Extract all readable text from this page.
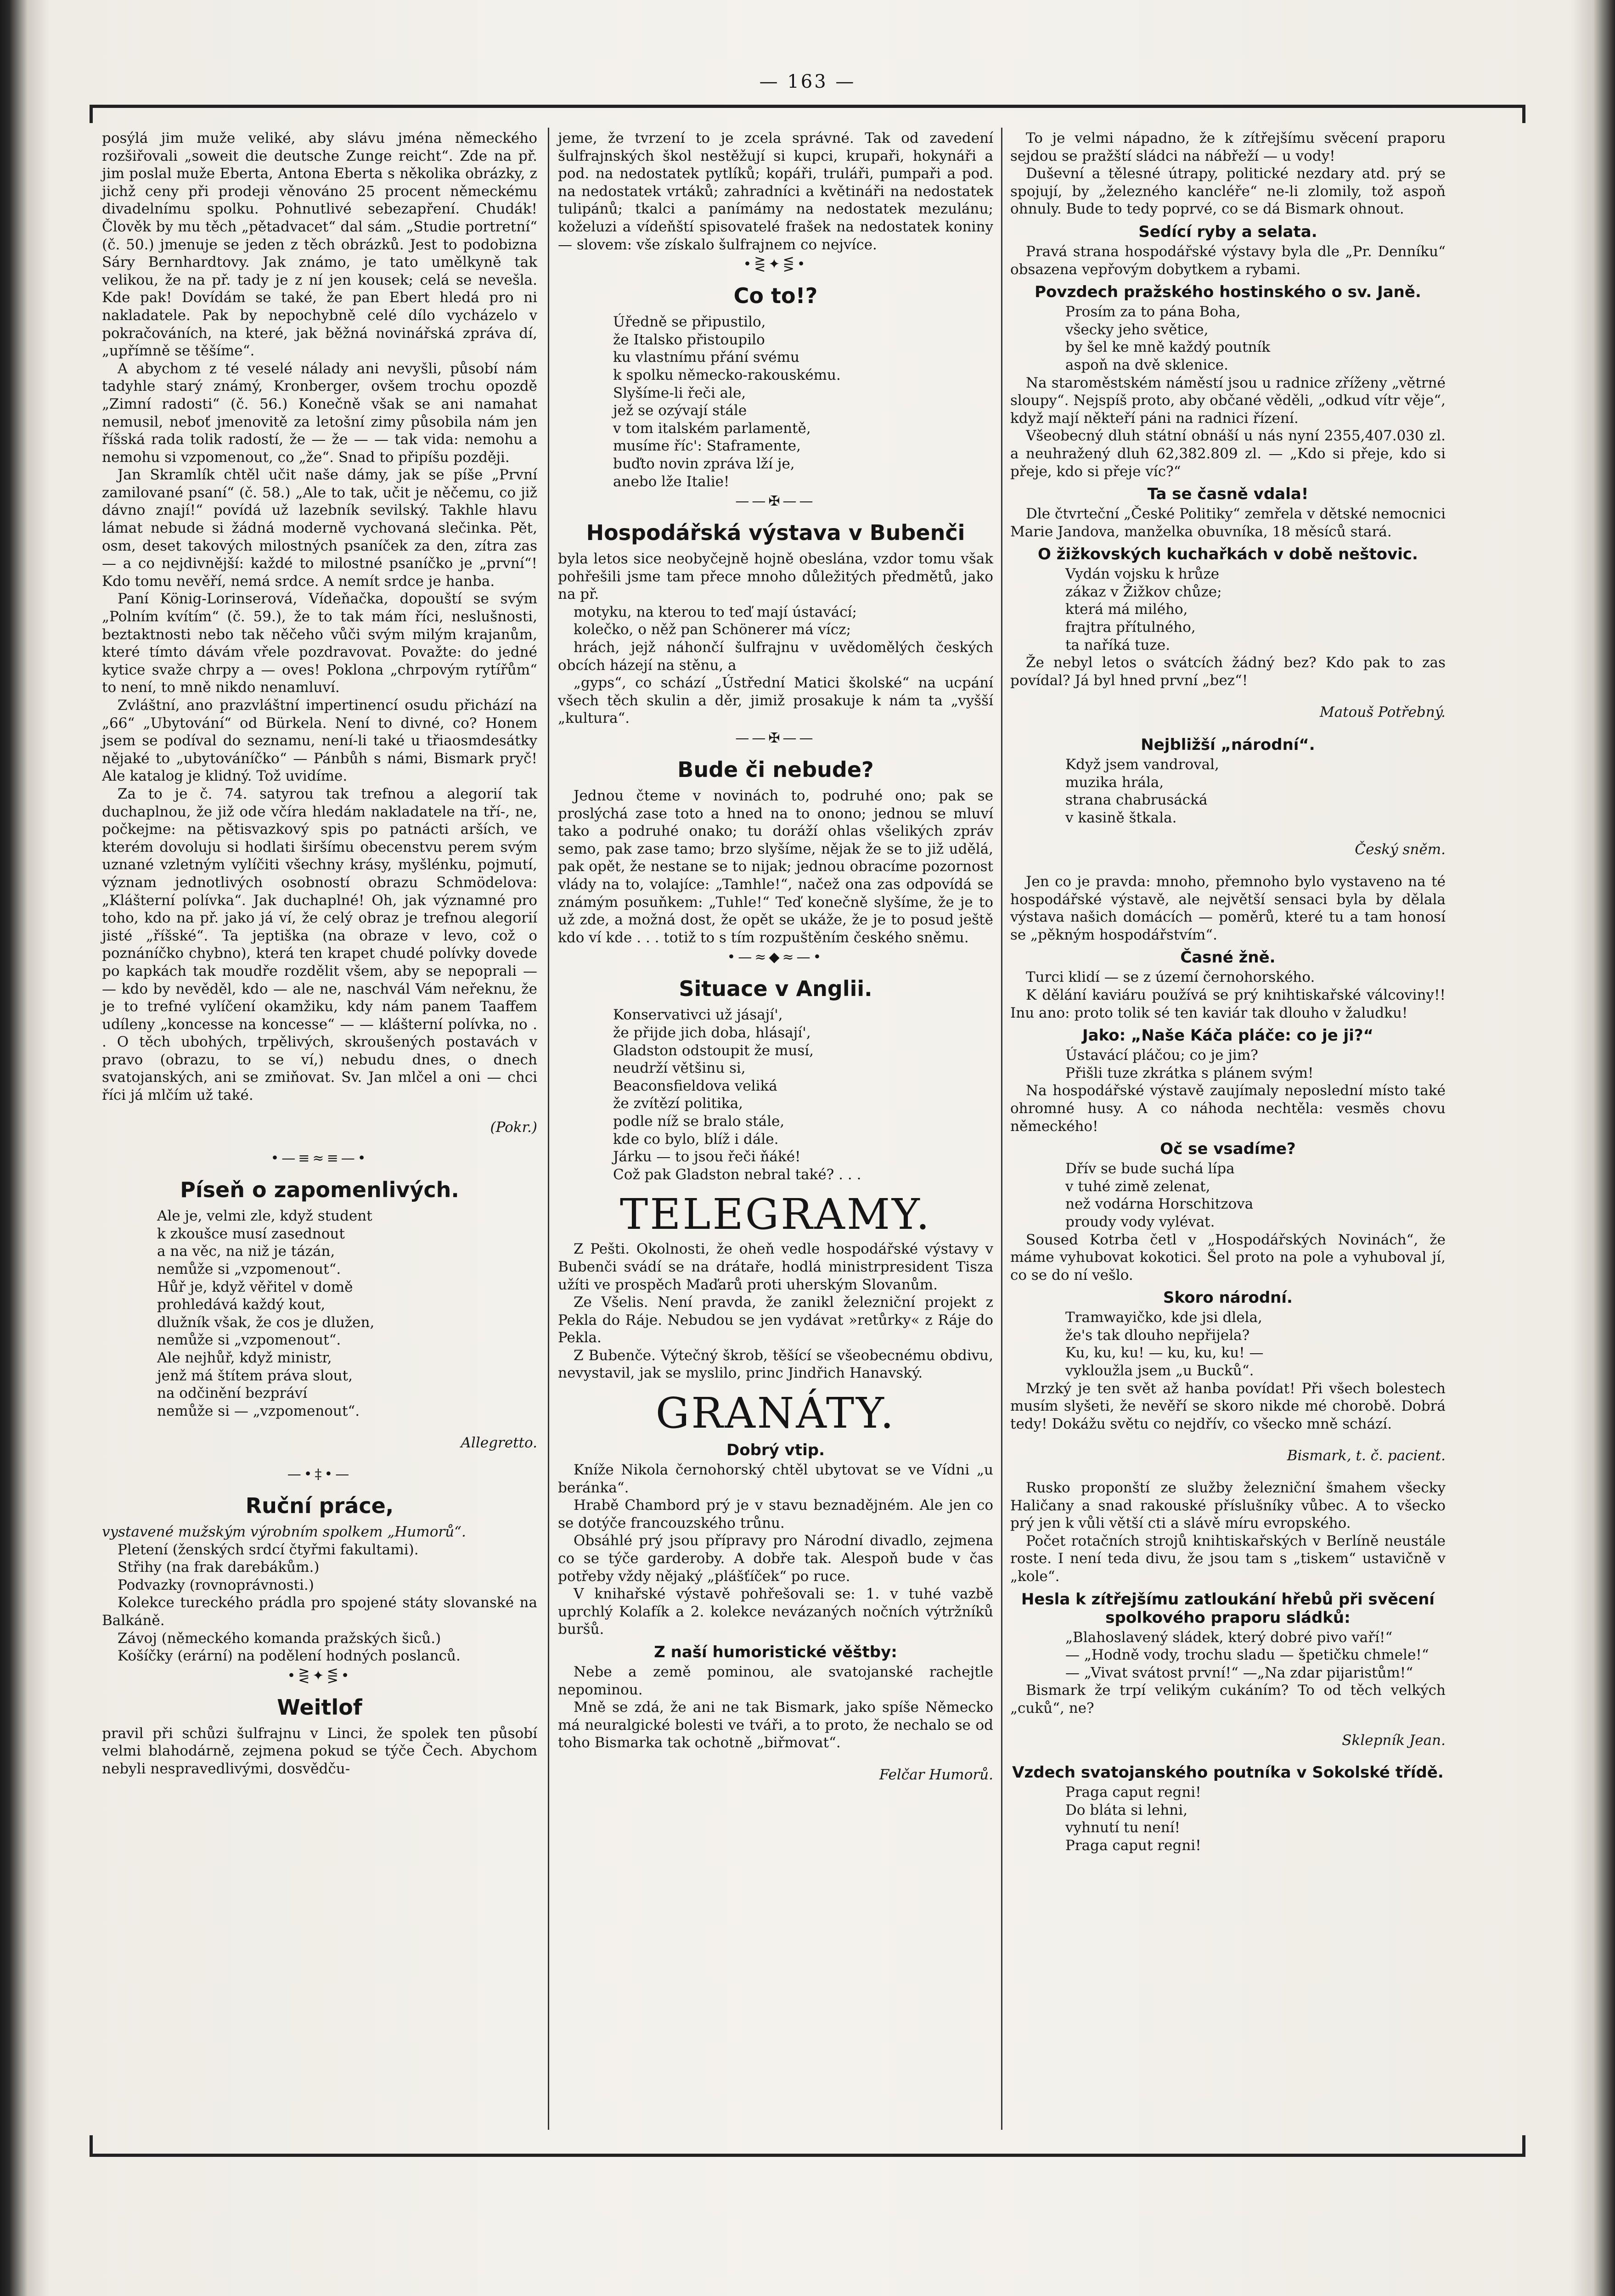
— 163 —

posýlá jim muže veliké, aby slávu jména německého rozšiřovali „soweit die deutsche Zunge reicht“. Zde na př. jim poslal muže Eberta, Antona Eberta s několika obrázky, z jichž ceny při prodeji věnováno 25 procent německému divadelnímu spolku. Pohnutlivé sebezapření. Chudák! Člověk by mu těch „pětadvacet“ dal sám. „Studie portretní“ (č. 50.) jmenuje se jeden z těch obrázků. Jest to podobizna Sáry Bernhardtovy. Jak známo, je tato umělkyně tak velikou, že na př. tady je z ní jen kousek; celá se nevešla. Kde pak! Dovídám se také, že pan Ebert hledá pro ni nakladatele. Pak by nepochybně celé dílo vycházelo v pokračováních, na které, jak běžná novinářská zpráva dí, „upřímně se těšíme“.

A abychom z té veselé nálady ani nevyšli, působí nám tadyhle starý známý, Kronberger, ovšem trochu opozdě „Zimní radosti“ (č. 56.) Konečně však se ani namahat nemusil, neboť jmenovitě za letošní zimy působila nám jen říšská rada tolik radostí, že — že — — tak vida: nemohu a nemohu si vzpomenout, co „že“. Snad to připíšu později.

Jan Skramlík chtěl učit naše dámy, jak se píše „První zamilované psaní“ (č. 58.) „Ale to tak, učit je něčemu, co již dávno znají!“ povídá už lazebník sevilský. Takhle hlavu lámat nebude si žádná moderně vychovaná slečinka. Pět, osm, deset takových milostných psaníček za den, zítra zas — a co nejdivnější: každé to milostné psaníčko je „první“! Kdo tomu nevěří, nemá srdce. A nemít srdce je hanba.

Paní König-Lorinserová, Vídeňačka, dopouští se svým „Polním kvítím“ (č. 59.), že to tak mám říci, neslušnosti, beztaktnosti nebo tak něčeho vůči svým milým krajanům, které tímto dávám vřele pozdravovat. Považte: do jedné kytice svaže chrpy a — oves! Poklona „chrpovým rytířům“ to není, to mně nikdo nenamluví.

Zvláštní, ano prazvláštní impertinencí osudu přichází na „66“ „Ubytování“ od Bürkela. Není to divné, co? Honem jsem se podíval do seznamu, není-li také u třiaosmdesátky nějaké to „ubytováníčko“ — Pánbůh s námi, Bismark pryč! Ale katalog je klidný. Tož uvidíme.

Za to je č. 74. satyrou tak trefnou a alegorií tak duchaplnou, že již ode včíra hledám nakladatele na tří-, ne, počkejme: na pětisvazkový spis po patnácti arších, ve kterém dovoluju si hodlati širšímu obecenstvu perem svým uznané vzletným vylíčiti všechny krásy, myšlénku, pojmutí, význam jednotlivých osobností obrazu Schmödelova: „Klášterní polívka“. Jak duchaplné! Oh, jak významné pro toho, kdo na př. jako já ví, že celý obraz je trefnou alegorií jisté „říšské“. Ta jeptiška (na obraze v levo, což o poznáníčko chybno), která ten krapet chudé polívky dovede po kapkách tak moudře rozdělit všem, aby se nepoprali — — kdo by nevěděl, kdo — ale ne, naschvál Vám neřeknu, že je to trefné vylíčení okamžiku, kdy nám panem Taaffem udíleny „koncesse na koncesse“ — — klášterní polívka, no . . O těch ubohých, trpělivých, skroušených postavách v pravo (obrazu, to se ví,) nebudu dnes, o dnech svatojanských, ani se zmiňovat. Sv. Jan mlčel a oni — chci říci já mlčím už také.

(Pokr.)

•—≡≈≡—•
Píseň o zapomenlivých.

Ale je, velmi zle, když student

k zkoušce musí zasednout

a na věc, na niž je tázán,

nemůže si „vzpomenout“.

Hůř je, když věřitel v domě

prohledává každý kout,

dlužník však, že cos je dlužen,

nemůže si „vzpomenout“.

Ale nejhůř, když ministr,

jenž má štítem práva slout,

na odčinění bezpráví

nemůže si — „vzpomenout“.

Allegretto.

—•‡•—
Ruční práce,

vystavené mužským výrobním spolkem „Humorů“.

Pletení (ženských srdcí čtyřmi fakultami).

Střihy (na frak darebákům.)

Podvazky (rovnoprávnosti.)

Kolekce tureckého prádla pro spojené státy slovanské na Balkáně.

Závoj (německého komanda pražských šiců.)

Košíčky (erární) na podělení hodných poslanců.

•⋛✦⋚•
Weitlof

pravil při schůzi šulfrajnu v Linci, že spolek ten působí velmi blahodárně, zejmena pokud se týče Čech. Abychom nebyli nespravedlivými, dosvědču-

jeme, že tvrzení to je zcela správné. Tak od zavedení šulfrajnských škol nestěžují si kupci, krupaři, hokynáři a pod. na nedostatek pytlíků; kopáři, truláři, pumpaři a pod. na nedostatek vrtáků; zahradníci a květináři na nedostatek tulipánů; tkalci a panímámy na nedostatek mezulánu; koželuzi a vídeňští spisovatelé frašek na nedostatek koniny — slovem: vše získalo šulfrajnem co nejvíce.

•⋛✦⋚•
Co to!?

Úředně se připustilo,

že Italsko přistoupilo

ku vlastnímu přání svému

k spolku německo-rakouskému.

Slyšíme-li řeči ale,

jež se ozývají stále

v tom italském parlamentě,

musíme říc': Staframente,

buďto novin zpráva lží je,

anebo lže Italie!

——✠——
Hospodářská výstava v Bubenči

byla letos sice neobyčejně hojně obeslána, vzdor tomu však pohřešili jsme tam přece mnoho důležitých předmětů, jako na př.

motyku, na kterou to teď mají ústavácí;

kolečko, o něž pan Schönerer má vícz;

hrách, jejž náhončí šulfrajnu v uvědomělých českých obcích házejí na stěnu, a

„gyps“, co schází „Ústřední Matici školské“ na ucpání všech těch skulin a děr, jimiž prosakuje k nám ta „vyšší „kultura“.

——✠——
Bude či nebude?

Jednou čteme v novinách to, podruhé ono; pak se proslýchá zase toto a hned na to onono; jednou se mluví tako a podruhé onako; tu doráží ohlas všelikých zpráv semo, pak zase tamo; brzo slyšíme, nějak že se to již udělá, pak opět, že nestane se to nijak; jednou obracíme pozornost vlády na to, volajíce: „Tamhle!“, načež ona zas odpovídá se známým posuňkem: „Tuhle!“ Teď konečně slyšíme, že je to už zde, a možná dost, že opět se ukáže, že je to posud ještě kdo ví kde . . . totiž to s tím rozpuštěním českého sněmu.

•—≈◆≈—•
Situace v Anglii.

Konservativci už jásají',

že přijde jich doba, hlásají',

Gladston odstoupit že musí,

neudrží většinu si,

Beaconsfieldova veliká

že zvítězí politika,

podle níž se bralo stále,

kde co bylo, blíž i dále.

Járku — to jsou řeči ňáké!

Což pak Gladston nebral také? . . .

TELEGRAMY.

Z Pešti. Okolnosti, že oheň vedle hospodářské výstavy v Bubenči svádí se na drátaře, hodlá ministrpresident Tisza užíti ve prospěch Maďarů proti uherským Slovanům.

Ze Všelis. Není pravda, že zanikl železniční projekt z Pekla do Ráje. Nebudou se jen vydávat »retůrky« z Ráje do Pekla.

Z Bubenče. Výtečný škrob, těšící se všeobecnému obdivu, nevystavil, jak se myslilo, princ Jindřich Hanavský.

GRANÁTY.
Dobrý vtip.

Kníže Nikola černohorský chtěl ubytovat se ve Vídni „u beránka“.

Hrabě Chambord prý je v stavu beznadějném. Ale jen co se dotýče francouzského trůnu.

Obsáhlé prý jsou přípravy pro Národní divadlo, zejmena co se týče garderoby. A dobře tak. Alespoň bude v čas potřeby vždy nějaký „plášťíček“ po ruce.

V knihařské výstavě pohřešovali se: 1. v tuhé vazbě uprchlý Kolafík a 2. kolekce nevázaných nočních výtržníků buršů.

Z naší humoristické věštby:

Nebe a země pominou, ale svatojanské rachejtle nepominou.

Mně se zdá, že ani ne tak Bismark, jako spíše Německo má neuralgické bolesti ve tváři, a to proto, že nechalo se od toho Bismarka tak ochotně „biřmovat“.

Felčar Humorů.

To je velmi nápadno, že k zítřejšímu svěcení praporu sejdou se pražští sládci na nábřeží — u vody!

Duševní a tělesné útrapy, politické nezdary atd. prý se spojují, by „železného kancléře“ ne-li zlomily, tož aspoň ohnuly. Bude to tedy poprvé, co se dá Bismark ohnout.

Sedící ryby a selata.

Pravá strana hospodářské výstavy byla dle „Pr. Denníku“ obsazena vepřovým dobytkem a rybami.

Povzdech pražského hostinského o sv. Janě.

Prosím za to pána Boha,

všecky jeho světice,

by šel ke mně každý poutník

aspoň na dvě sklenice.

Na staroměstském náměstí jsou u radnice zříženy „větrné sloupy“. Nejspíš proto, aby občané věděli, „odkud vítr věje“, když mají někteří páni na radnici řízení.

Všeobecný dluh státní obnáší u nás nyní 2355,407.030 zl. a neuhražený dluh 62,382.809 zl. — „Kdo si přeje, kdo si přeje, kdo si přeje víc?“

Ta se časně vdala!

Dle čtvrteční „České Politiky“ zemřela v dětské nemocnici Marie Jandova, manželka obuvníka, 18 měsíců stará.

O žižkovských kuchařkách v době neštovic.

Vydán vojsku k hrůze

zákaz v Žižkov chůze;

která má milého,

frajtra přítulného,

ta naříká tuze.

Že nebyl letos o svátcích žádný bez? Kdo pak to zas povídal? Já byl hned první „bez“!

Matouš Potřebný.

Nejbližší „národní“.

Když jsem vandroval,

muzika hrála,

strana chabrusácká

v kasině štkala.

Český sněm.

Jen co je pravda: mnoho, přemnoho bylo vystaveno na té hospodářské výstavě, ale největší sensaci byla by dělala výstava našich domácích — poměrů, které tu a tam honosí se „pěkným hospodářstvím“.

Časné žně.

Turci klidí — se z území černohorského.

K dělání kaviáru používá se prý knihtiskařské válcoviny!! Inu ano: proto tolik sé ten kaviár tak dlouho v žaludku!

Jako: „Naše Káča pláče: co je ji?“

Ústavácí pláčou; co je jim?

Přišli tuze zkrátka s plánem svým!

Na hospodářské výstavě zaujímaly neposlední místo také ohromné husy. A co náhoda nechtěla: vesměs chovu německého!

Oč se vsadíme?

Dřív se bude suchá lípa

v tuhé zimě zelenat,

než vodárna Horschitzova

proudy vody vylévat.

Soused Kotrba četl v „Hospodářských Novinách“, že máme vyhubovat kokotici. Šel proto na pole a vyhuboval jí, co se do ní vešlo.

Skoro národní.

Tramwayičko, kde jsi dlela,

že's tak dlouho nepřijela?

Ku, ku, ku! — ku, ku, ku! —

vykloužla jsem „u Bucků“.

Mrzký je ten svět až hanba povídat! Při všech bolestech musím slyšeti, že nevěří se skoro nikde mé chorobě. Dobrá tedy! Dokážu světu co nejdřív, co všecko mně schází.

Bismark, t. č. pacient.

Rusko proponští ze služby železniční šmahem všecky Haličany a snad rakouské příslušníky vůbec. A to všecko prý jen k vůli větší cti a slávě míru evropského.

Počet rotačních strojů knihtiskařských v Berlíně neustále roste. I není teda divu, že jsou tam s „tiskem“ ustavičně v „kole“.

Hesla k zítřejšímu zatloukání hřebů při svěcení spolkového praporu sládků:

„Blahoslavený sládek, který dobré pivo vaří!“

— „Hodně vody, trochu sladu — špetičku chmele!“

— „Vivat svátost první!“ —„Na zdar pijaristům!“

Bismark že trpí velikým cukáním? To od těch velkých „cuků“, ne?

Sklepník Jean.

Vzdech svatojanského poutníka v Sokolské třídě.

Praga caput regni!

Do bláta si lehni,

vyhnutí tu není!

Praga caput regni!
